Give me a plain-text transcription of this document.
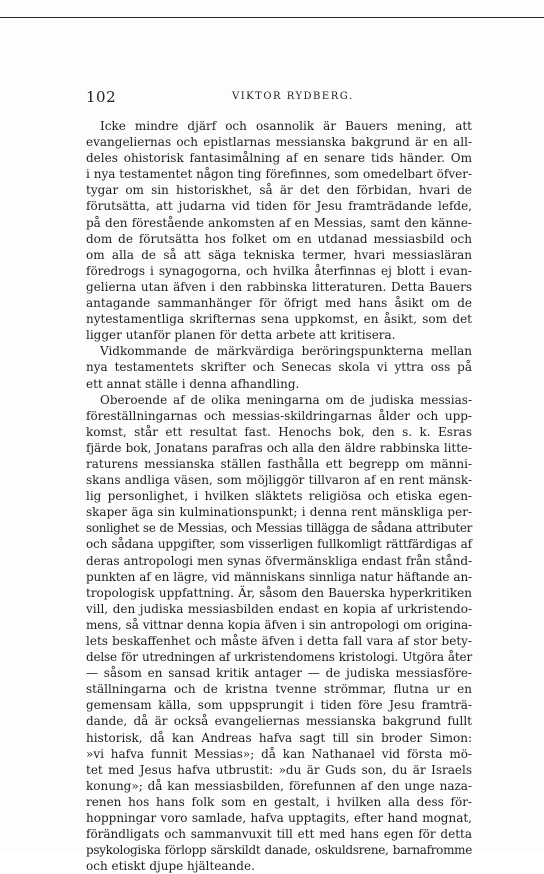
102	VIKTOR RYDBERG.
Icke mindre djärf och osannolik är Bauers mening, att
evangeliernas och epistlarnas messianska bakgrund är en all-
deles ohistorisk fantasimålning af en senare tids händer. Om
i nya testamentet någon ting förefinnes, som omedelbart öfver-
tygar om sin historiskhet, så är det den förbidan, hvari de
förutsätta, att judarna vid tiden för Jesu framträdande lefde,
på den förestående ankomsten af en Messias, samt den känne-
dom de förutsätta hos folket om en utdanad messiasbild och
om alla de så att säga tekniska termer, hvari messiasläran
föredrogs i synagogorna, och hvilka återfinnas ej blott i evan-
gelierna utan äfven i den rabbinska litteraturen. Detta Bauers
antagande sammanhänger för öfrigt med hans åsikt om de
nytestamentliga skrifternas sena uppkomst, en åsikt, som det
ligger utanför planen för detta arbete att kritisera.
Vidkommande de märkvärdiga beröringspunkterna mellan
nya testamentets skrifter och Senecas skola vi yttra oss på
ett annat ställe i denna afhandling.
Oberoende af de olika meningarna om de judiska messias-
föreställningarnas och messias-skildringarnas ålder och upp-
komst, står ett resultat fast. Henochs bok, den s. k. Esras
fjärde bok, Jonatans parafras och alla den äldre rabbinska litte-
raturens messianska ställen fasthålla ett begrepp om männi-
skans andliga väsen, som möjliggör tillvaron af en rent mänsk-
lig personlighet, i hvilken släktets religiösa och etiska egen-
skaper äga sin kulminationspunkt; i denna rent mänskliga per-
sonlighet se de Messias, och Messias tillägga de sådana attributer
och sådana uppgifter, som visserligen fullkomligt rättfärdigas af
deras antropologi men synas öfvermänskliga endast från stånd-
punkten af en lägre, vid människans sinnliga natur häftande an-
tropologisk uppfattning. Är, såsom den Bauerska hyperkritiken
vill, den judiska messiasbilden endast en kopia af urkristendo-
mens, så vittnar denna kopia äfven i sin antropologi om origina-
lets beskaffenhet och måste äfven i detta fall vara af stor bety-
delse för utredningen af urkristendomens kristologi. Utgöra åter
— såsom en sansad kritik antager — de judiska messiasföre-
ställningarna och de kristna tvenne strömmar, flutna ur en
gemensam källa, som uppsprungit i tiden före Jesu framträ-
dande, då är också evangeliernas messianska bakgrund fullt
historisk, då kan Andreas hafva sagt till sin broder Simon:
»vi hafva funnit Messias»; då kan Nathanael vid första mö-
tet med Jesus hafva utbrustit: »du är Guds son, du är Israels
konung»; då kan messiasbilden, förefunnen af den unge naza-
renen hos hans folk som en gestalt, i hvilken alla dess för-
hoppningar voro samlade, hafva upptagits, efter hand mognat,
förändligats och sammanvuxit till ett med hans egen för detta
psykologiska förlopp särskildt danade, oskuldsrene, barnafromme
och etiskt djupe hjälteande.
